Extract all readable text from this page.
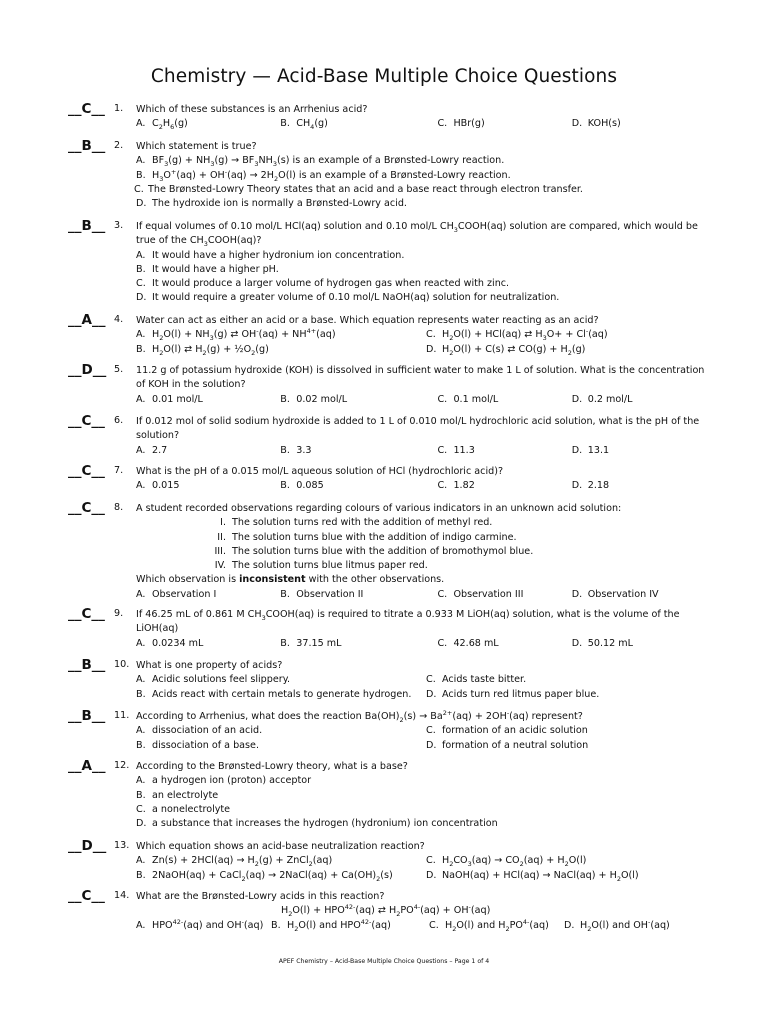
Chemistry — Acid-Base Multiple Choice Questions
__C__ 1.	Which of these substances is an Arrhenius acid?
A. $C_2H_6(g)$	B. $CH_4(g)$	C. HBr(g)	D. KOH(s)
__B__ 2.	Which statement is true?
A. $BF_3(g) + NH_3(g) \to BF_3NH_3(s)$ is an example of a Brønsted-Lowry reaction.
B. $H_3O^+(aq) + OH^-(aq) \to 2H_2O(l)$ is an example of a Brønsted-Lowry reaction.
C. The Brønsted-Lowry Theory states that an acid and a base react through electron transfer.
D. The hydroxide ion is normally a Brønsted-Lowry acid.
__B__ 3.	If equal volumes of 0.10 mol/L HCl(aq) solution and 0.10 mol/L $CH_3COOH(aq)$ solution are compared, which would be true of the $CH_3COOH(aq)$?
A. It would have a higher hydronium ion concentration.
B. It would have a higher pH.
C. It would produce a larger volume of hydrogen gas when reacted with zinc.
D. It would require a greater volume of 0.10 mol/L NaOH(aq) solution for neutralization.
__A__ 4.	Water can act as either an acid or a base. Which equation represents water reacting as an acid?
A. $H_2O(l) + NH_3(g)$ ⇄ $OH^-(aq) + NH^{4+}(aq)$	C. $H_2O(l) + HCl(aq)$ ⇄ $H_3O+ + Cl^-(aq)$
B. $H_2O(l)$ ⇄ $H_2(g)$ + $\frac{1}{2}O_2(g)$	D. $H_2O(l) + C(s)$ ⇄ $CO(g) + H_2(g)$
__D__ 5.	11.2 g of potassium hydroxide (KOH) is dissolved in sufficient water to make 1 L of solution. What is the concentration of KOH in the solution?
A. 0.01 mol/L	B. 0.02 mol/L	C. 0.1 mol/L	D. 0.2 mol/L
__C__ 6.	If 0.012 mol of solid sodium hydroxide is added to 1 L of 0.010 mol/L hydrochloric acid solution, what is the pH of the solution?
A. 2.7	B. 3.3	C. 11.3	D. 13.1
__C__ 7.	What is the pH of a 0.015 mol/L aqueous solution of HCl (hydrochloric acid)?
A. 0.015	B. 0.085	C. 1.82	D. 2.18
__C__ 8.	A student recorded observations regarding colours of various indicators in an unknown acid solution:
I. The solution turns red with the addition of methyl red.
II. The solution turns blue with the addition of indigo carmine.
III. The solution turns blue with the addition of bromothymol blue.
IV. The solution turns blue litmus paper red.
Which observation is inconsistent with the other observations.
A. Observation I	B. Observation II	C. Observation III	D. Observation IV
__C__ 9.	If 46.25 mL of 0.861 M $CH_3COOH(aq)$ is required to titrate a 0.933 M LiOH(aq) solution, what is the volume of the LiOH(aq)
A. 0.0234 mL	B. 37.15 mL	C. 42.68 mL	D. 50.12 mL
__B__ 10. What is one property of acids?
A. Acidic solutions feel slippery.	C. Acids taste bitter.
B. Acids react with certain metals to generate hydrogen. D. Acids turn red litmus paper blue.
__B__ 11. According to Arrhenius, what does the reaction $Ba(OH)_2(s) \to Ba^{2+}(aq) + 2OH^-(aq)$ represent?
A. dissociation of an acid.	C. formation of an acidic solution
B. dissociation of a base.	D. formation of a neutral solution
__A__ 12. According to the Brønsted-Lowry theory, what is a base?
A. a hydrogen ion (proton) acceptor
B. an electrolyte
C. a nonelectrolyte
D. a substance that increases the hydrogen (hydronium) ion concentration
__D__ 13. Which equation shows an acid-base neutralization reaction?
A. $Zn(s) + 2HCl(aq) \to H_2(g)$ + ZnCl$_2$(aq)	C. $H_2CO_3(aq) \to CO_2(aq) + H_2O(l)$
B. 2NaOH(aq) + CaCl$_2$(aq) → 2NaCl(aq) + $Ca(OH)_2(s)$	D. NaOH(aq) + HCl(aq) → NaCl(aq) + $H_2O(l)$
__C__ 14. What are the Brønsted-Lowry acids in this reaction?
$H_2O(l) + HPO^{42-}(aq)$ ⇄ $H_2PO^{4-}(aq) + OH^-(aq)$
A. $HPO^{42-}(aq)$ and OH-(aq) B. $H_2O(l)$ and $HPO^{42-}(aq)$	C. $H_2O(l)$ and $H_2PO^{4-}(aq)$ D. $H_2O(l)$ and OH-(aq)
APEF Chemistry – Acid-Base Multiple Choice Questions – Page 1 of 4
